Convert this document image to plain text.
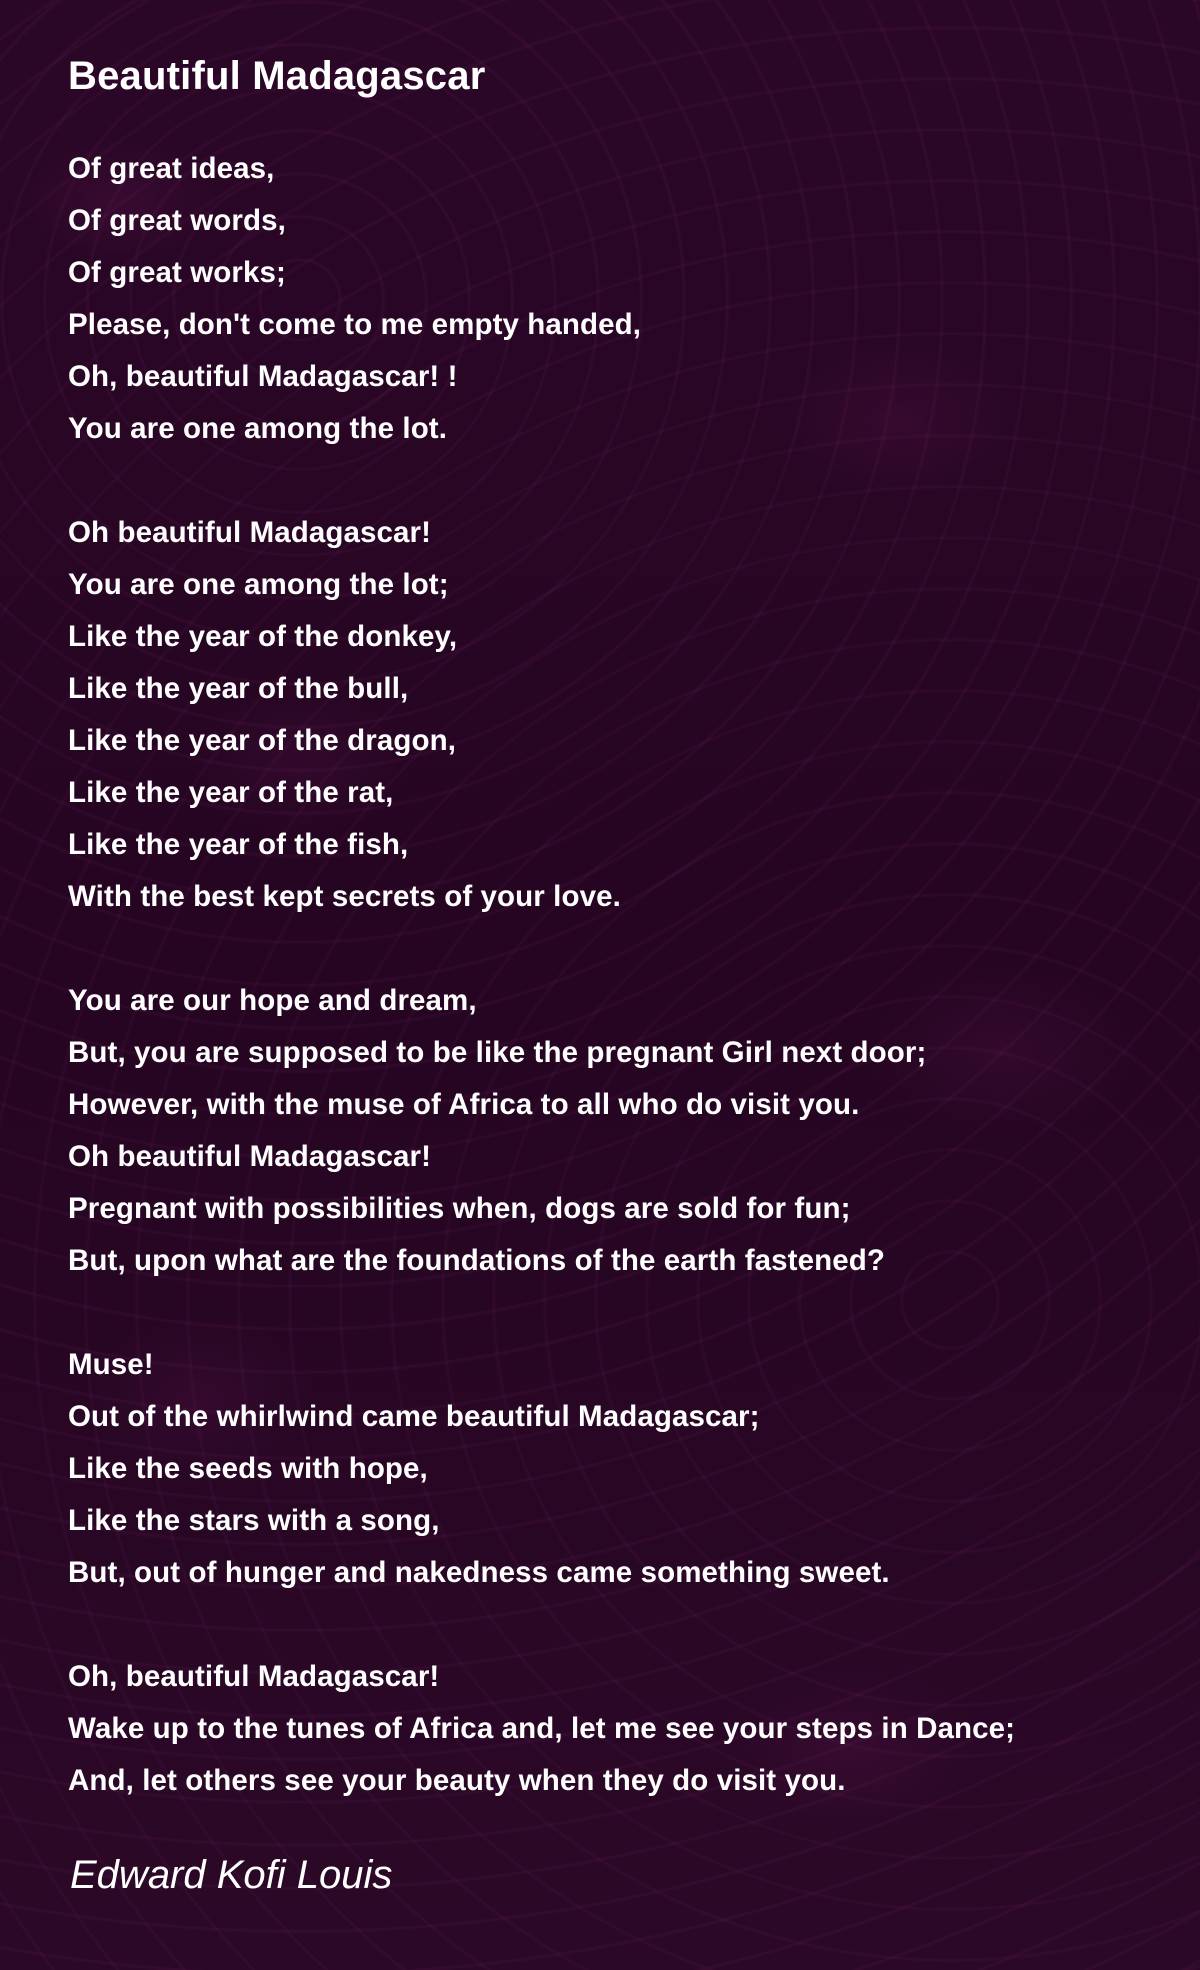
Beautiful Madagascar
Of great ideas,
Of great words,
Of great works;
Please, don't come to me empty handed,
Oh, beautiful Madagascar! !
You are one among the lot.
Oh beautiful Madagascar!
You are one among the lot;
Like the year of the donkey,
Like the year of the bull,
Like the year of the dragon,
Like the year of the rat,
Like the year of the fish,
With the best kept secrets of your love.
You are our hope and dream,
But, you are supposed to be like the pregnant Girl next door;
However, with the muse of Africa to all who do visit you.
Oh beautiful Madagascar!
Pregnant with possibilities when, dogs are sold for fun;
But, upon what are the foundations of the earth fastened?
Muse!
Out of the whirlwind came beautiful Madagascar;
Like the seeds with hope,
Like the stars with a song,
But, out of hunger and nakedness came something sweet.
Oh, beautiful Madagascar!
Wake up to the tunes of Africa and, let me see your steps in Dance;
And, let others see your beauty when they do visit you.
Edward Kofi Louis
